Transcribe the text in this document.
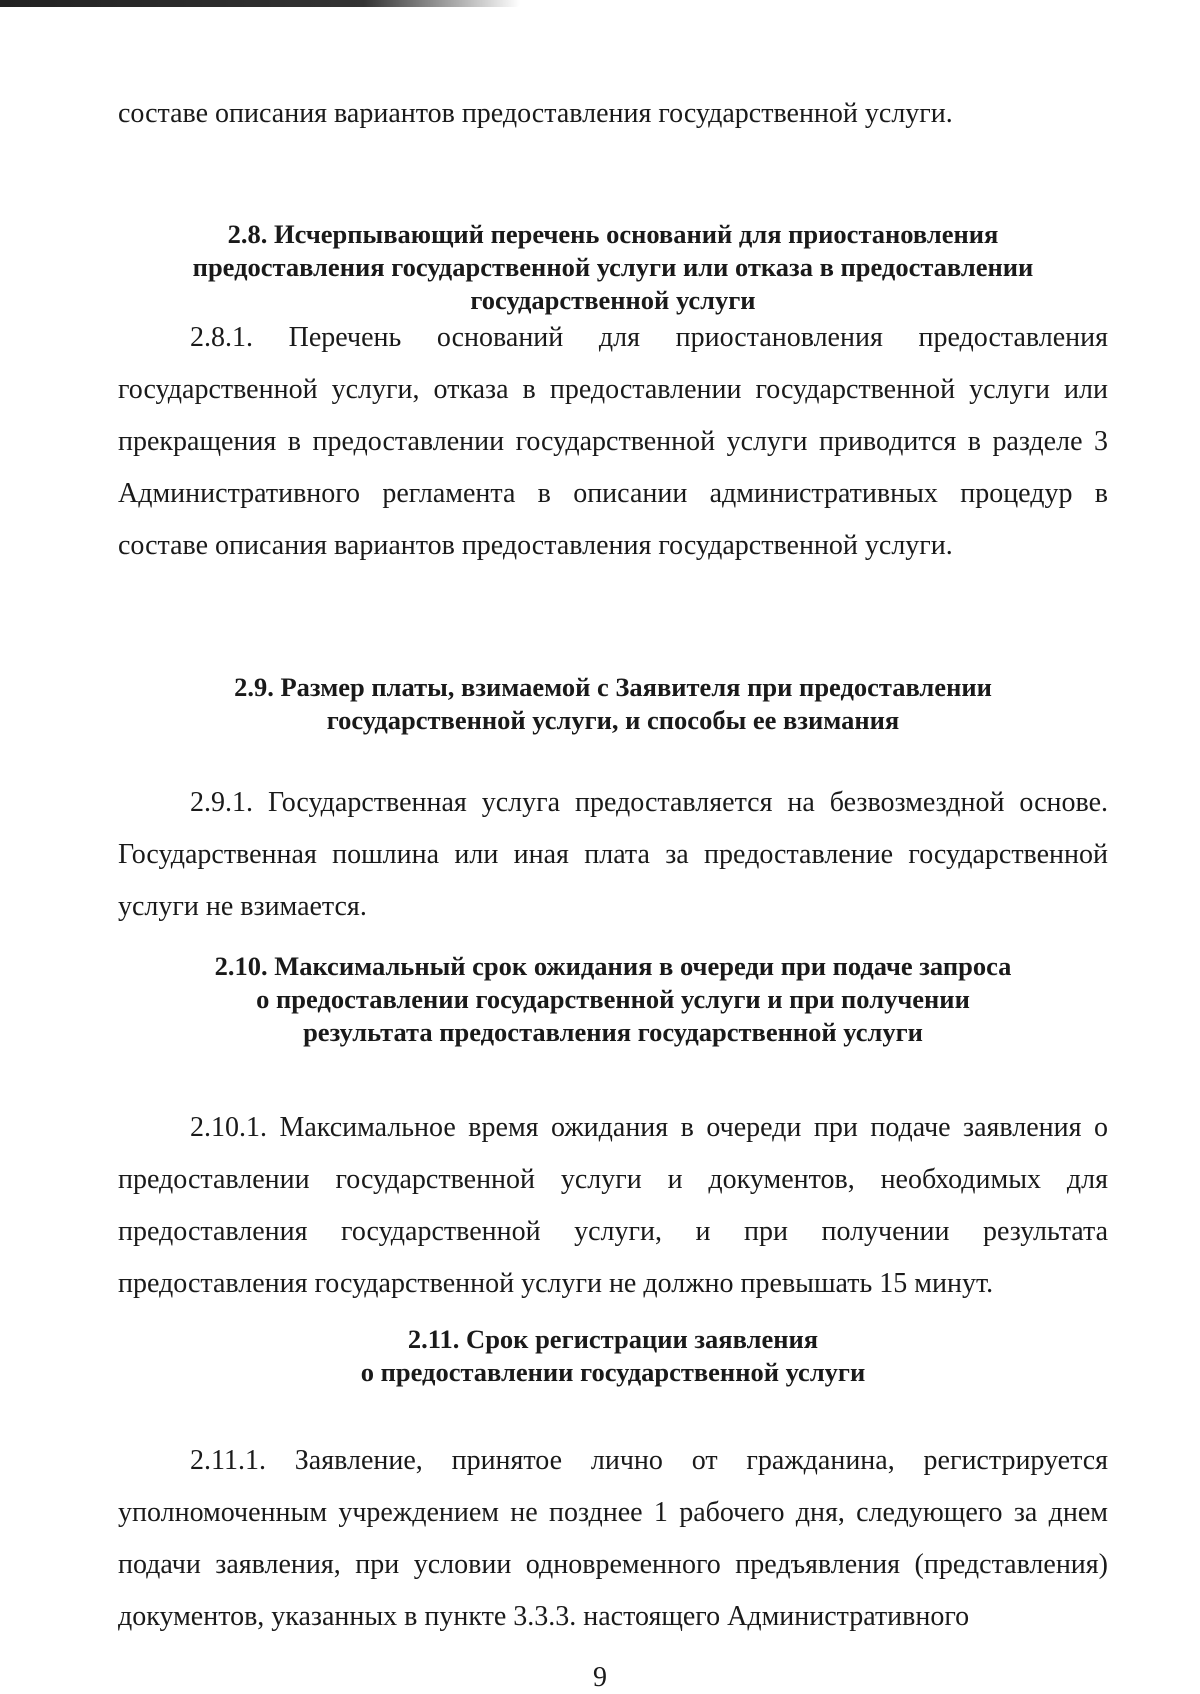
составе описания вариантов предоставления государственной услуги.
2.8. Исчерпывающий перечень оснований для приостановления
предоставления государственной услуги или отказа в предоставлении
государственной услуги
2.8.1. Перечень оснований для приостановления предоставления государственной услуги, отказа в предоставлении государственной услуги или прекращения в предоставлении государственной услуги приводится в разделе 3 Административного регламента в описании административных процедур в составе описания вариантов предоставления государственной услуги.
2.9. Размер платы, взимаемой с Заявителя при предоставлении
государственной услуги, и способы ее взимания
2.9.1. Государственная услуга предоставляется на безвозмездной основе. Государственная пошлина или иная плата за предоставление государственной услуги не взимается.
2.10. Максимальный срок ожидания в очереди при подаче запроса
о предоставлении государственной услуги и при получении
результата предоставления государственной услуги
2.10.1. Максимальное время ожидания в очереди при подаче заявления о предоставлении государственной услуги и документов, необходимых для предоставления государственной услуги, и при получении результата предоставления государственной услуги не должно превышать 15 минут.
2.11. Срок регистрации заявления
о предоставлении государственной услуги
2.11.1. Заявление, принятое лично от гражданина, регистрируется уполномоченным учреждением не позднее 1 рабочего дня, следующего за днем подачи заявления, при условии одновременного предъявления (представления) документов, указанных в пункте 3.3.3. настоящего Административного
9
